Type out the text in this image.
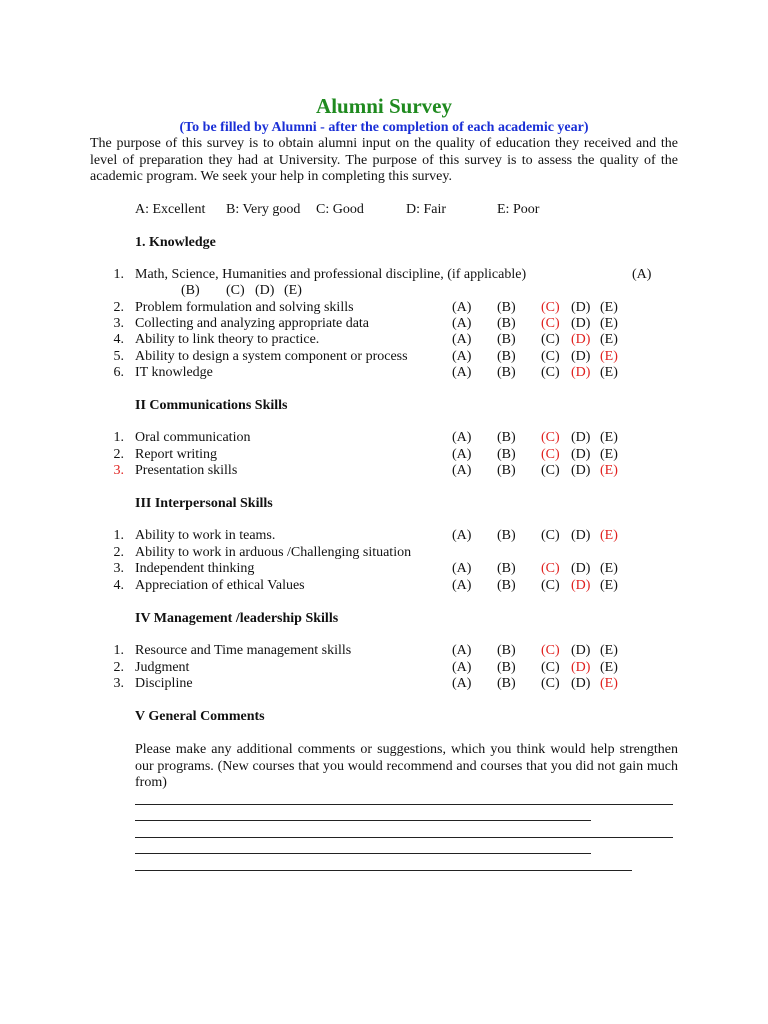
Alumni Survey
(To be filled by Alumni - after the completion of each academic year)
The purpose of this survey is to obtain alumni input on the quality of education they received and the level of preparation they had at University. The purpose of this survey is to assess the quality of the academic program. We seek your help in completing this survey.
A: Excellent B: Very good C: Good	D: Fair	E: Poor
1. Knowledge
1. Math, Science, Humanities and professional discipline, (if applicable)	(A)
(B) (C) (D) (E)
2. Problem formulation and solving skills	(A) (B) (C) (D) (E)
3. Collecting and analyzing appropriate data	(A) (B) (C) (D) (E)
4. Ability to link theory to practice.	(A) (B) (C) (D) (E)
5. Ability to design a system component or process	(A) (B) (C) (D) (E)
6. IT knowledge	(A) (B) (C) (D) (E)
II Communications Skills
1. Oral communication	(A) (B) (C) (D) (E)
2. Report writing	(A) (B) (C) (D) (E)
3. Presentation skills	(A) (B) (C) (D) (E)
III Interpersonal Skills
1. Ability to work in teams.	(A) (B) (C) (D) (E)
2. Ability to work in arduous /Challenging situation
3. Independent thinking	(A) (B) (C) (D) (E)
4. Appreciation of ethical Values	(A) (B) (C) (D) (E)
IV Management /leadership Skills
1. Resource and Time management skills	(A) (B) (C) (D) (E)
2. Judgment	(A) (B) (C) (D) (E)
3. Discipline	(A) (B) (C) (D) (E)
V General Comments
Please make any additional comments or suggestions, which you think would help strengthen our programs. (New courses that you would recommend and courses that you did not gain much from)
